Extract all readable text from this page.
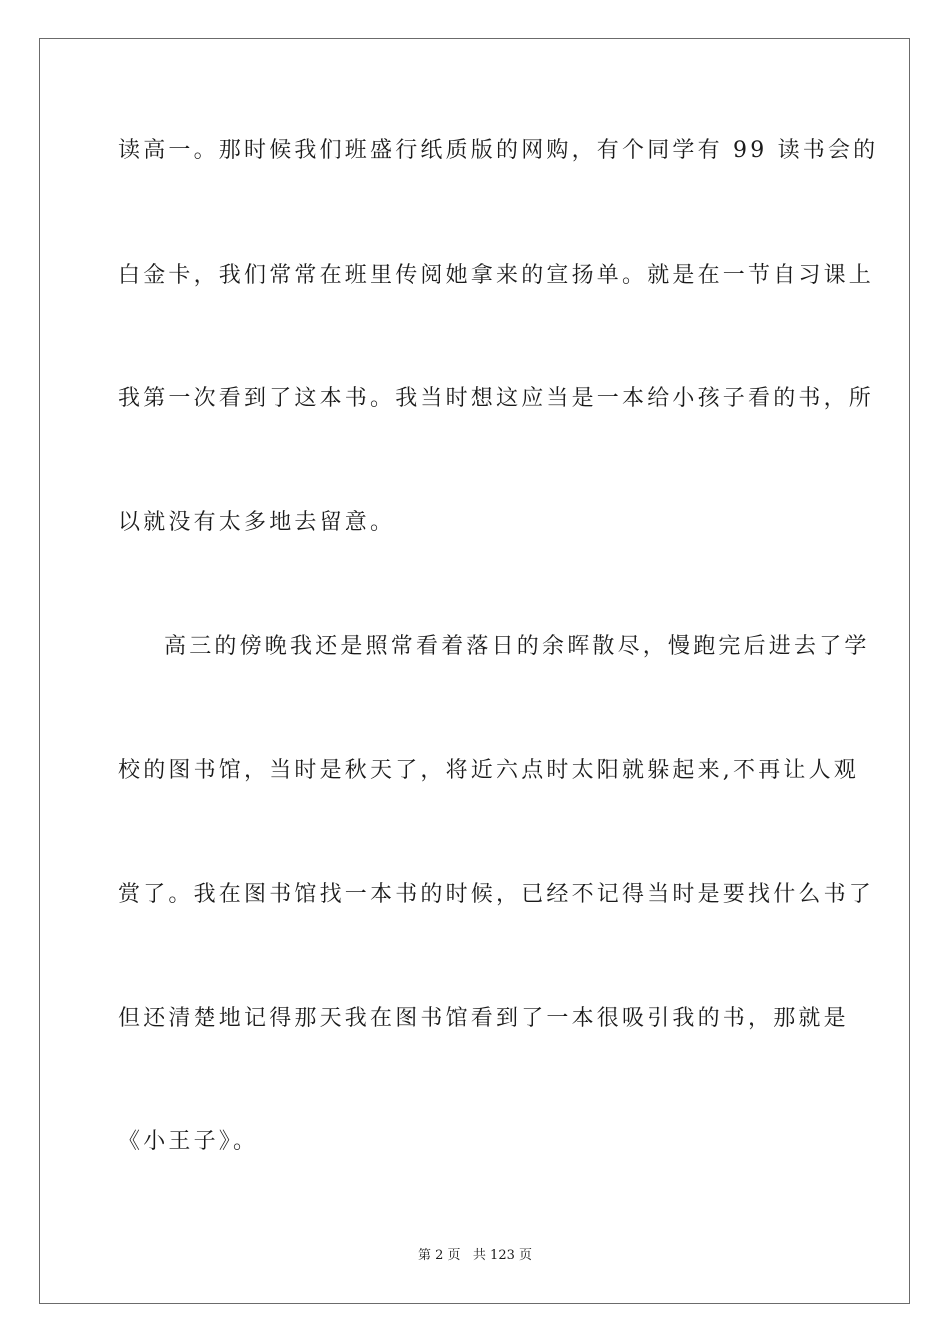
读高一。那时候我们班盛行纸质版的网购，有个同学有 99 读书会的
白金卡，我们常常在班里传阅她拿来的宣扬单。就是在一节自习课上
我第一次看到了这本书。我当时想这应当是一本给小孩子看的书，所
以就没有太多地去留意。
高三的傍晚我还是照常看着落日的余晖散尽，慢跑完后进去了学
校的图书馆，当时是秋天了，将近六点时太阳就躲起来,不再让人观
赏了。我在图书馆找一本书的时候，已经不记得当时是要找什么书了
但还清楚地记得那天我在图书馆看到了一本很吸引我的书，那就是
《小王子》。
第 2 页   共 123 页
